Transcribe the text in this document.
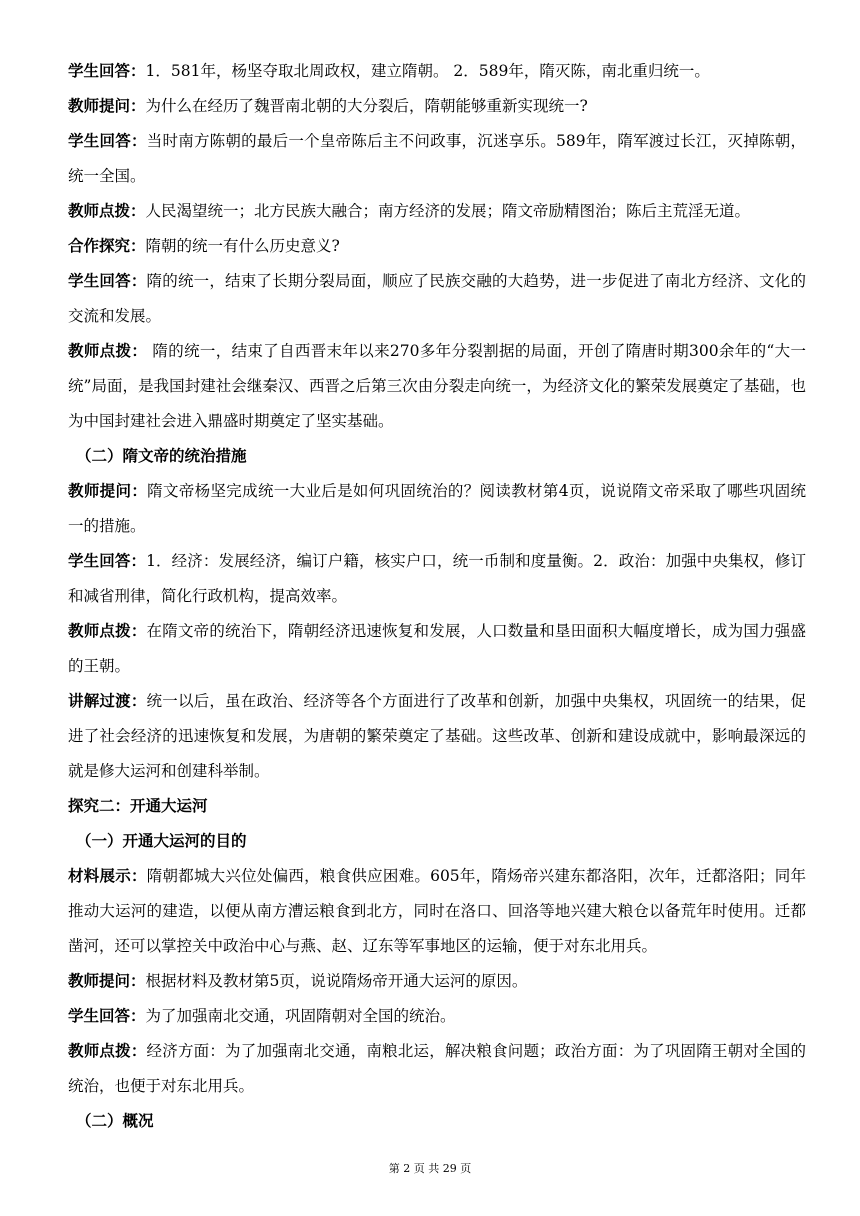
学生回答：1．581年，杨坚夺取北周政权，建立隋朝。 2．589年，隋灭陈，南北重归统一。

教师提问：为什么在经历了魏晋南北朝的大分裂后，隋朝能够重新实现统一?

学生回答：当时南方陈朝的最后一个皇帝陈后主不问政事，沉迷享乐。589年，隋军渡过长江，灭掉陈朝，统一全国。

教师点拨：人民渴望统一；北方民族大融合；南方经济的发展；隋文帝励精图治；陈后主荒淫无道。

合作探究：隋朝的统一有什么历史意义?

学生回答：隋的统一，结束了长期分裂局面，顺应了民族交融的大趋势，进一步促进了南北方经济、文化的交流和发展。

教师点拨： 隋的统一，结束了自西晋末年以来270多年分裂割据的局面，开创了隋唐时期300余年的“大一统”局面，是我国封建社会继秦汉、西晋之后第三次由分裂走向统一，为经济文化的繁荣发展奠定了基础，也为中国封建社会进入鼎盛时期奠定了坚实基础。

（二）隋文帝的统治措施

教师提问：隋文帝杨坚完成统一大业后是如何巩固统治的？阅读教材第4页，说说隋文帝采取了哪些巩固统一的措施。

学生回答：1．经济：发展经济，编订户籍，核实户口，统一币制和度量衡。2．政治：加强中央集权，修订和减省刑律，简化行政机构，提高效率。

教师点拨：在隋文帝的统治下，隋朝经济迅速恢复和发展，人口数量和垦田面积大幅度增长，成为国力强盛的王朝。

讲解过渡：统一以后，虽在政治、经济等各个方面进行了改革和创新，加强中央集权，巩固统一的结果，促进了社会经济的迅速恢复和发展，为唐朝的繁荣奠定了基础。这些改革、创新和建设成就中，影响最深远的就是修大运河和创建科举制。

探究二：开通大运河

（一）开通大运河的目的

材料展示：隋朝都城大兴位处偏西，粮食供应困难。605年，隋炀帝兴建东都洛阳，次年，迁都洛阳；同年推动大运河的建造，以便从南方漕运粮食到北方，同时在洛口、回洛等地兴建大粮仓以备荒年时使用。迁都凿河，还可以掌控关中政治中心与燕、赵、辽东等军事地区的运输，便于对东北用兵。

教师提问：根据材料及教材第5页，说说隋炀帝开通大运河的原因。

学生回答：为了加强南北交通，巩固隋朝对全国的统治。

教师点拨：经济方面：为了加强南北交通，南粮北运，解决粮食问题；政治方面：为了巩固隋王朝对全国的统治，也便于对东北用兵。

（二）概况

第 2 页 共 29 页
